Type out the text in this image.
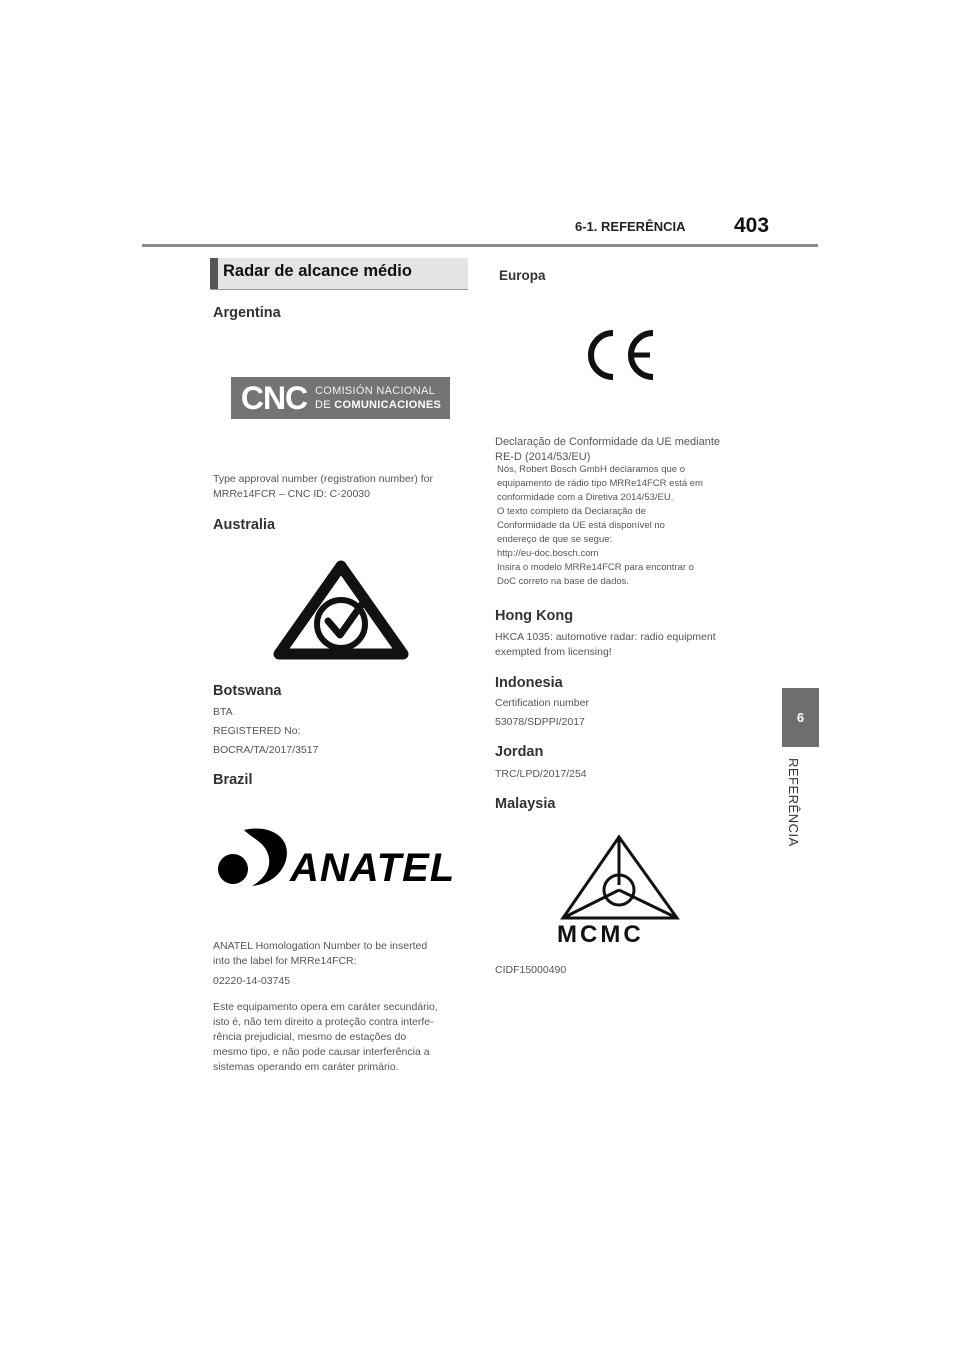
6-1. REFERÊNCIA 403
6
REFERÊNCIA
Radar de alcance médio
Argentina
CNC COMISIÓN NACIONAL
DE COMUNICACIONES

Type approval number (registration number) for

MRRe14FCR – CNC ID: C-20030

Australia
Botswana

BTA

REGISTERED No:

BOCRA/TA/2017/3517

Brazil
ANATEL

ANATEL Homologation Number to be inserted

into the label for MRRe14FCR:

02220-14-03745

Este equipamento opera em caráter secundário,

isto é, não tem direito a proteção contra interfe-

rência prejudicial, mesmo de estações do

mesmo tipo, e não pode causar interferência a

sistemas operando em caráter primário.

Europa

Declaração de Conformidade da UE mediante

RE-D (2014/53/EU)

Nós, Robert Bosch GmbH declaramos que o

equipamento de rádio tipo MRRe14FCR está em

conformidade com a Diretiva 2014/53/EU.

O texto completo da Declaração de

Conformidade da UE está disponível no

endereço de que se segue:

http://eu-doc.bosch.com

Insira o modelo MRRe14FCR para encontrar o

DoC correto na base de dados.

Hong Kong

HKCA 1035: automotive radar: radio equipment

exempted from licensing!

Indonesia

Certification number

53078/SDPPI/2017

Jordan

TRC/LPD/2017/254

Malaysia
MCMC

CIDF15000490
